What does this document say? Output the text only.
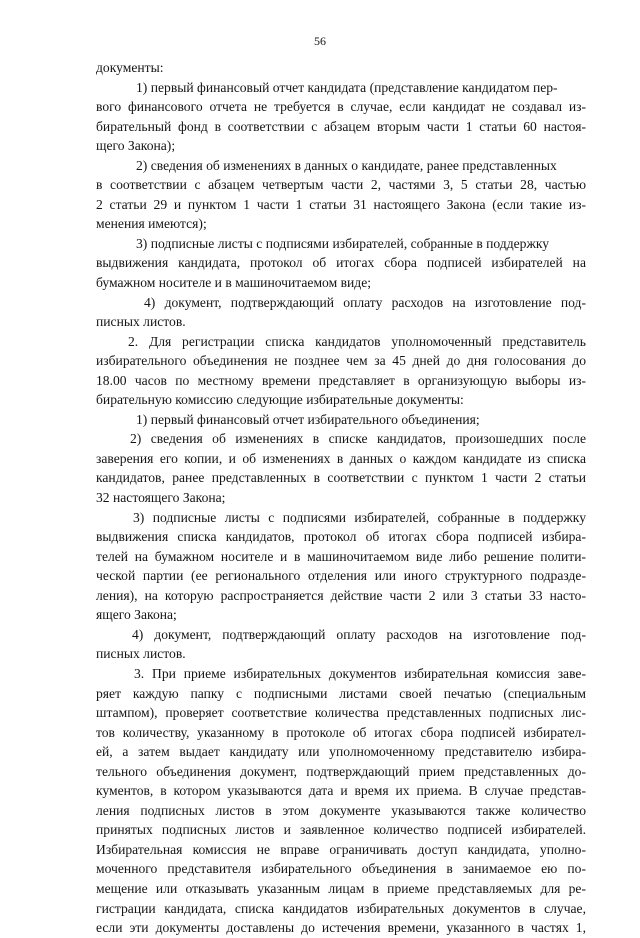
56
документы:
1) первый финансовый отчет кандидата (представление кандидатом пер-
вого финансового отчета не требуется в случае, если кандидат не создавал из-
бирательный фонд в соответствии с абзацем вторым части 1 статьи 60 настоя-
щего Закона);
2) сведения об изменениях в данных о кандидате, ранее представленных
в соответствии с абзацем четвертым части 2, частями 3, 5 статьи 28, частью
2 статьи 29 и пунктом 1 части 1 статьи 31 настоящего Закона (если такие из-
менения имеются);
3) подписные листы с подписями избирателей, собранные в поддержку
выдвижения кандидата, протокол об итогах сбора подписей избирателей на
бумажном носителе и в машиночитаемом виде;
4) документ, подтверждающий оплату расходов на изготовление под-
писных листов.
2. Для регистрации списка кандидатов уполномоченный представитель
избирательного объединения не позднее чем за 45 дней до дня голосования до
18.00 часов по местному времени представляет в организующую выборы из-
бирательную комиссию следующие избирательные документы:
1) первый финансовый отчет избирательного объединения;
2) сведения об изменениях в списке кандидатов, произошедших после
заверения его копии, и об изменениях в данных о каждом кандидате из списка
кандидатов, ранее представленных в соответствии с пунктом 1 части 2 статьи
32 настоящего Закона;
3) подписные листы с подписями избирателей, собранные в поддержку
выдвижения списка кандидатов, протокол об итогах сбора подписей избира-
телей на бумажном носителе и в машиночитаемом виде либо решение полити-
ческой партии (ее регионального отделения или иного структурного подразде-
ления), на которую распространяется действие части 2 или 3 статьи 33 насто-
ящего Закона;
4) документ, подтверждающий оплату расходов на изготовление под-
писных листов.
3. При приеме избирательных документов избирательная комиссия заве-
ряет каждую папку с подписными листами своей печатью (специальным
штампом), проверяет соответствие количества представленных подписных лис-
тов количеству, указанному в протоколе об итогах сбора подписей избирател-
ей, а затем выдает кандидату или уполномоченному представителю избира-
тельного объединения документ, подтверждающий прием представленных до-
кументов, в котором указываются дата и время их приема. В случае представ-
ления подписных листов в этом документе указываются также количество
принятых подписных листов и заявленное количество подписей избирателей.
Избирательная комиссия не вправе ограничивать доступ кандидата, уполно-
моченного представителя избирательного объединения в занимаемое ею по-
мещение или отказывать указанным лицам в приеме представляемых для ре-
гистрации кандидата, списка кандидатов избирательных документов в случае,
если эти документы доставлены до истечения времени, указанного в частях 1,
